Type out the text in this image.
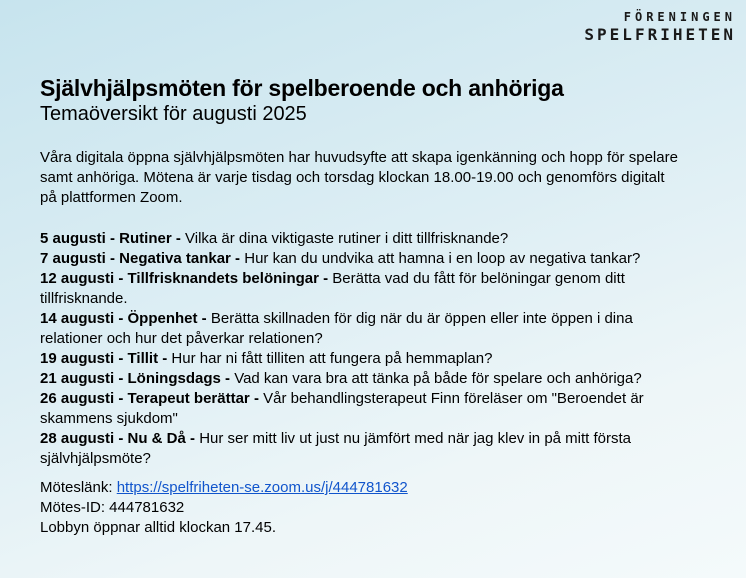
FÖRENINGEN
SPELFRIHETEN
Självhjälpsmöten för spelberoende och anhöriga
Temaöversikt för augusti 2025

Våra digitala öppna självhjälpsmöten har huvudsyfte att skapa igenkänning och hopp för spelare samt anhöriga. Mötena är varje tisdag och torsdag klockan 18.00-19.00 och genomförs digitalt på plattformen Zoom.

5 augusti - Rutiner - Vilka är dina viktigaste rutiner i ditt tillfrisknande?

7 augusti - Negativa tankar - Hur kan du undvika att hamna i en loop av negativa tankar?

12 augusti - Tillfrisknandets belöningar - Berätta vad du fått för belöningar genom ditt tillfrisknande.

14 augusti - Öppenhet - Berätta skillnaden för dig när du är öppen eller inte öppen i dina relationer och hur det påverkar relationen?

19 augusti - Tillit - Hur har ni fått tilliten att fungera på hemmaplan?

21 augusti - Löningsdags - Vad kan vara bra att tänka på både för spelare och anhöriga?

26 augusti - Terapeut berättar - Vår behandlingsterapeut Finn föreläser om "Beroendet är skammens sjukdom"

28 augusti - Nu & Då - Hur ser mitt liv ut just nu jämfört med när jag klev in på mitt första självhjälpsmöte?

Möteslänk: https://spelfriheten-se.zoom.us/j/444781632

Mötes-ID: 444781632

Lobbyn öppnar alltid klockan 17.45.
